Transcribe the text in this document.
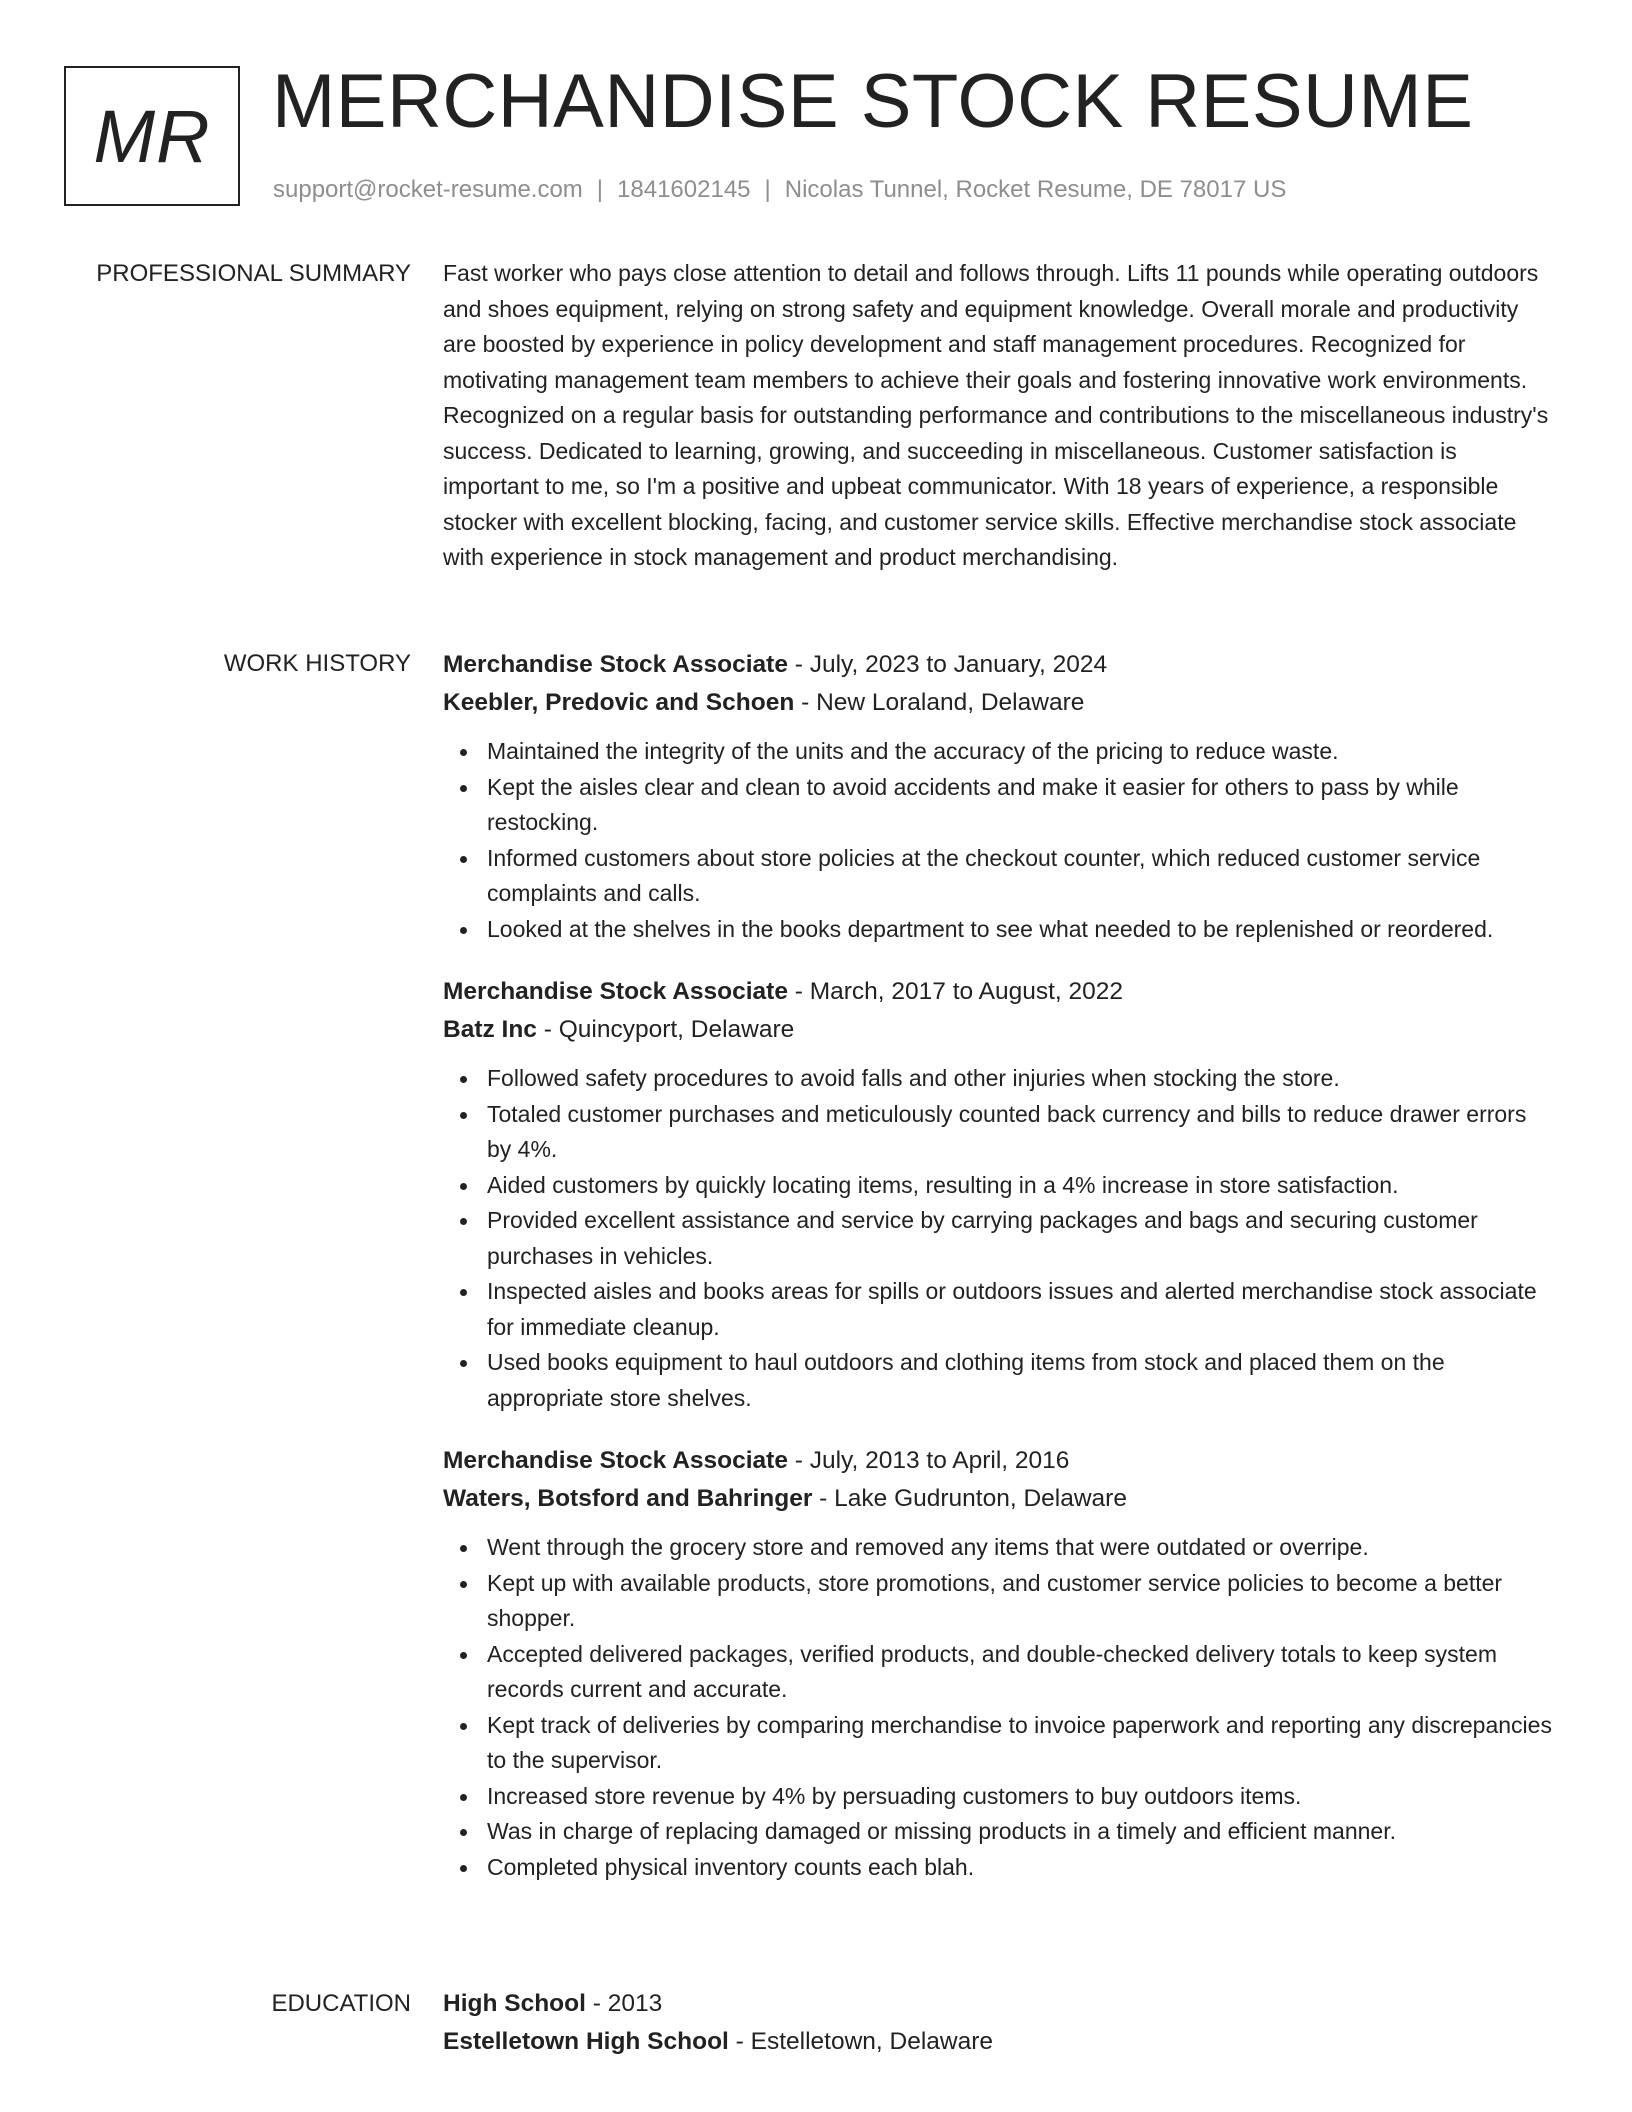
MR MERCHANDISE STOCK RESUME
support@rocket-resume.com | 1841602145 | Nicolas Tunnel, Rocket Resume, DE 78017 US
PROFESSIONAL SUMMARY Fast worker who pays close attention to detail and follows through. Lifts 11 pounds while operating outdoors and shoes equipment, relying on strong safety and equipment knowledge. Overall morale and productivity are boosted by experience in policy development and staff management procedures. Recognized for motivating management team members to achieve their goals and fostering innovative work environments. Recognized on a regular basis for outstanding performance and contributions to the miscellaneous industry's success. Dedicated to learning, growing, and succeeding in miscellaneous. Customer satisfaction is important to me, so I'm a positive and upbeat communicator. With 18 years of experience, a responsible stocker with excellent blocking, facing, and customer service skills. Effective merchandise stock associate with experience in stock management and product merchandising.

WORK HISTORY Merchandise Stock Associate - July, 2023 to January, 2024
Keebler, Predovic and Schoen - New Loraland, Delaware
Maintained the integrity of the units and the accuracy of the pricing to reduce waste.
Kept the aisles clear and clean to avoid accidents and make it easier for others to pass by while restocking.
Informed customers about store policies at the checkout counter, which reduced customer service complaints and calls.
Looked at the shelves in the books department to see what needed to be replenished or reordered.
Merchandise Stock Associate - March, 2017 to August, 2022
Batz Inc - Quincyport, Delaware
Followed safety procedures to avoid falls and other injuries when stocking the store.
Totaled customer purchases and meticulously counted back currency and bills to reduce drawer errors by 4%.
Aided customers by quickly locating items, resulting in a 4% increase in store satisfaction.
Provided excellent assistance and service by carrying packages and bags and securing customer purchases in vehicles.
Inspected aisles and books areas for spills or outdoors issues and alerted merchandise stock associate for immediate cleanup.
Used books equipment to haul outdoors and clothing items from stock and placed them on the appropriate store shelves.
Merchandise Stock Associate - July, 2013 to April, 2016
Waters, Botsford and Bahringer - Lake Gudrunton, Delaware
Went through the grocery store and removed any items that were outdated or overripe.
Kept up with available products, store promotions, and customer service policies to become a better shopper.
Accepted delivered packages, verified products, and double-checked delivery totals to keep system records current and accurate.
Kept track of deliveries by comparing merchandise to invoice paperwork and reporting any discrepancies to the supervisor.
Increased store revenue by 4% by persuading customers to buy outdoors items.
Was in charge of replacing damaged or missing products in a timely and efficient manner.
Completed physical inventory counts each blah.
EDUCATION High School - 2013
Estelletown High School - Estelletown, Delaware
